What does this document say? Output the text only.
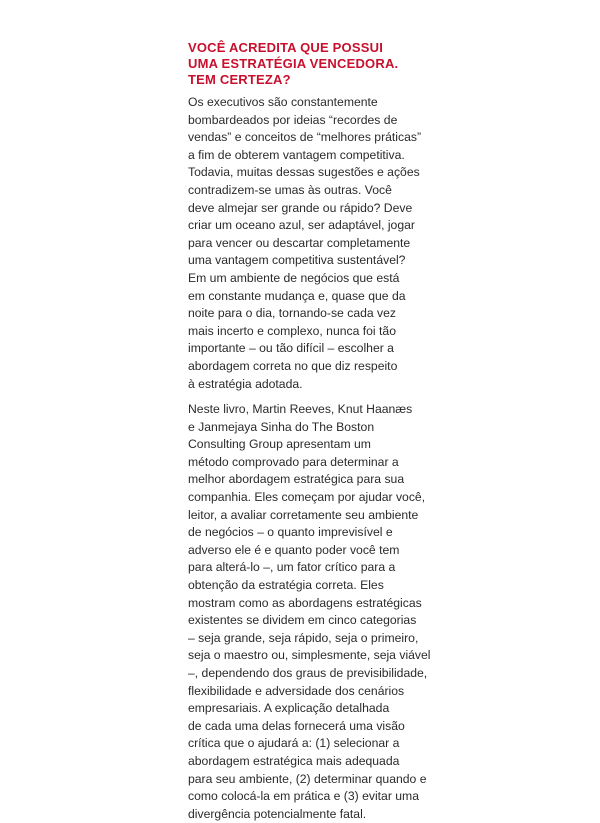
VOCÊ ACREDITA QUE POSSUI
UMA ESTRATÉGIA VENCEDORA.
TEM CERTEZA?

Os executivos são constantemente
bombardeados por ideias “recordes de
vendas” e conceitos de “melhores práticas”
a fim de obterem vantagem competitiva.
Todavia, muitas dessas sugestões e ações
contradizem-se umas às outras. Você
deve almejar ser grande ou rápido? Deve
criar um oceano azul, ser adaptável, jogar
para vencer ou descartar completamente
uma vantagem competitiva sustentável?
Em um ambiente de negócios que está
em constante mudança e, quase que da
noite para o dia, tornando-se cada vez
mais incerto e complexo, nunca foi tão
importante – ou tão difícil – escolher a
abordagem correta no que diz respeito
à estratégia adotada.

Neste livro, Martin Reeves, Knut Haanæs
e Janmejaya Sinha do The Boston
Consulting Group apresentam um
método comprovado para determinar a
melhor abordagem estratégica para sua
companhia. Eles começam por ajudar você,
leitor, a avaliar corretamente seu ambiente
de negócios – o quanto imprevisível e
adverso ele é e quanto poder você tem
para alterá-lo –, um fator crítico para a
obtenção da estratégia correta. Eles
mostram como as abordagens estratégicas
existentes se dividem em cinco categorias
– seja grande, seja rápido, seja o primeiro,
seja o maestro ou, simplesmente, seja viável
–, dependendo dos graus de previsibilidade,
flexibilidade e adversidade dos cenários
empresariais. A explicação detalhada
de cada uma delas fornecerá uma visão
crítica que o ajudará a: (1) selecionar a
abordagem estratégica mais adequada
para seu ambiente, (2) determinar quando e
como colocá-la em prática e (3) evitar uma
divergência potencialmente fatal.
